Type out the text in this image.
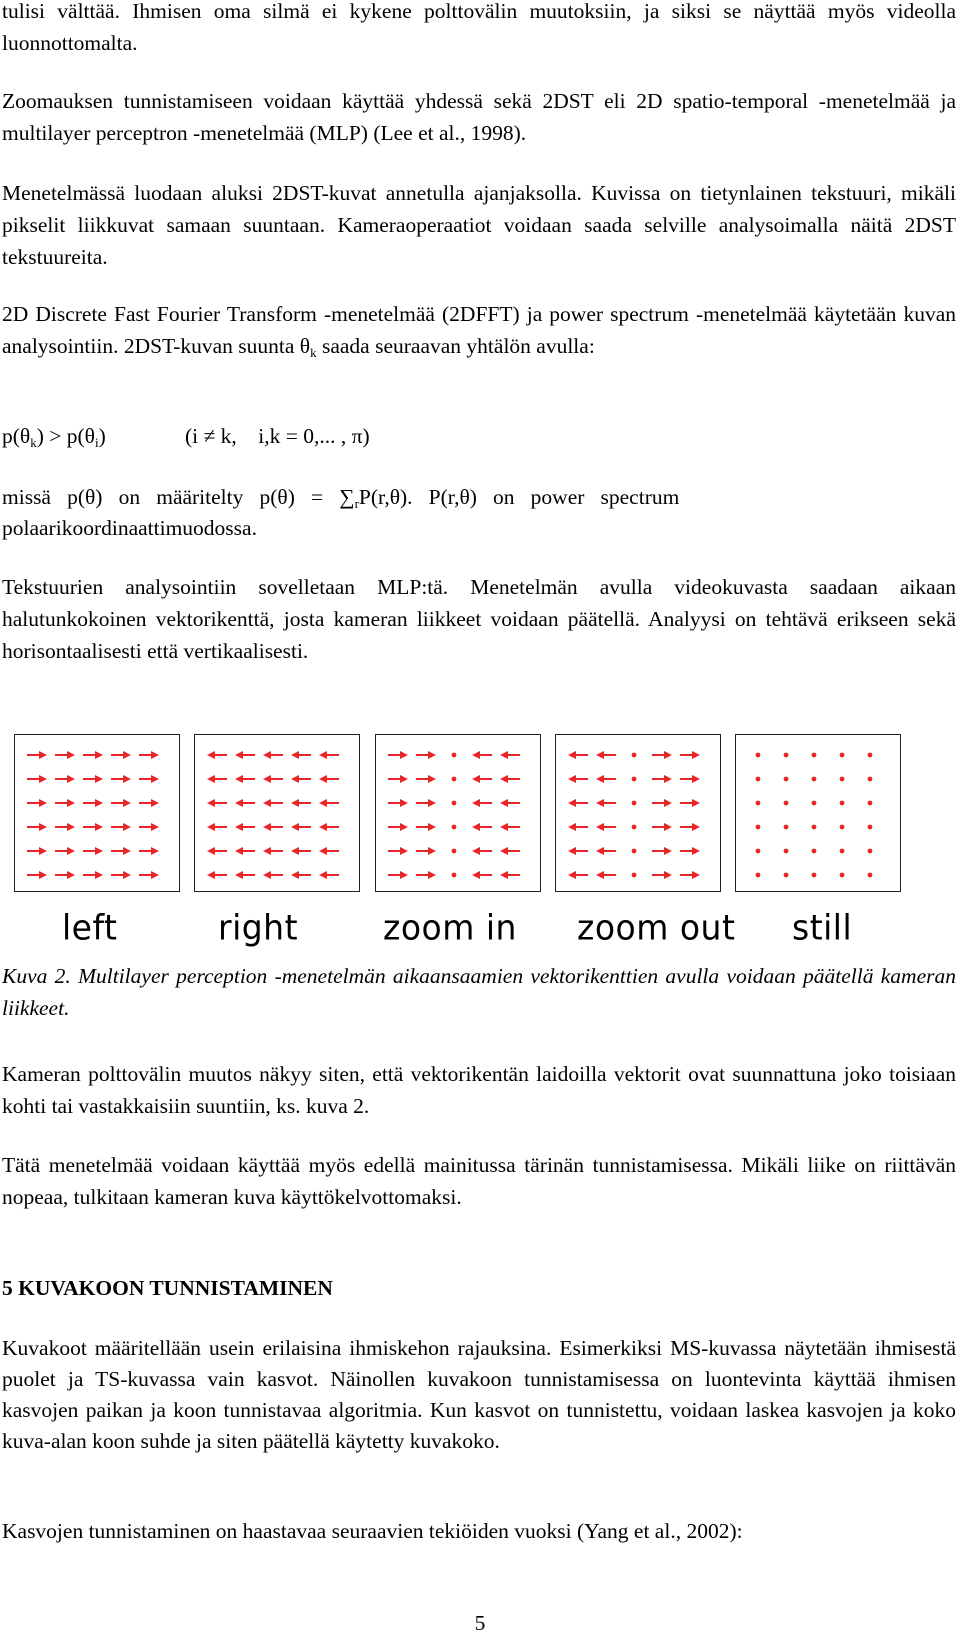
tulisi välttää. Ihmisen oma silmä ei kykene polttovälin muutoksiin, ja siksi se näyttää myös videolla luonnottomalta.

Zoomauksen tunnistamiseen voidaan käyttää yhdessä sekä 2DST eli 2D spatio-temporal -menetelmää ja multilayer perceptron -menetelmää (MLP) (Lee et al., 1998).

Menetelmässä luodaan aluksi 2DST-kuvat annetulla ajanjaksolla. Kuvissa on tietynlainen tekstuuri, mikäli pikselit liikkuvat samaan suuntaan. Kameraoperaatiot voidaan saada selville analysoimalla näitä 2DST tekstuureita.

2D Discrete Fast Fourier Transform -menetelmää (2DFFT) ja power spectrum -menetelmää käytetään kuvan analysointiin. 2DST-kuvan suunta $\theta_k$ saada seuraavan yhtälön avulla:

$p(\theta_k) > p(\theta_i)$

	(i ≠ k,    i,k = 0,... , π)

missä   p(θ)   on   määritelty   p(θ)   =   ∑rP(r,θ).   P(r,θ)   on   power   spectrum
polaarikoordinaattimuodossa.

Tekstuurien analysointiin sovelletaan MLP:tä. Menetelmän avulla videokuvasta saadaan aikaan halutunkokoinen vektorikenttä, josta kameran liikkeet voidaan päätellä. Analyysi on tehtävä erikseen sekä horisontaalisesti että vertikaalisesti.

left	right	zoom in zoom out still

Kuva 2. Multilayer perception -menetelmän aikaansaamien vektorikenttien avulla voidaan päätellä kameran liikkeet.

Kameran polttovälin muutos näkyy siten, että vektorikentän laidoilla vektorit ovat suunnattuna joko toisiaan kohti tai vastakkaisiin suuntiin, ks. kuva 2.

Tätä menetelmää voidaan käyttää myös edellä mainitussa tärinän tunnistamisessa. Mikäli liike on riittävän nopeaa, tulkitaan kameran kuva käyttökelvottomaksi.

5 KUVAKOON TUNNISTAMINEN

Kuvakoot määritellään usein erilaisina ihmiskehon rajauksina. Esimerkiksi MS-kuvassa näytetään ihmisestä puolet ja TS-kuvassa vain kasvot. Näinollen kuvakoon tunnistamisessa on luontevinta käyttää ihmisen kasvojen paikan ja koon tunnistavaa algoritmia. Kun kasvot on tunnistettu, voidaan laskea kasvojen ja koko kuva-alan koon suhde ja siten päätellä käytetty kuvakoko.

Kasvojen tunnistaminen on haastavaa seuraavien tekiöiden vuoksi (Yang et al., 2002):

5
